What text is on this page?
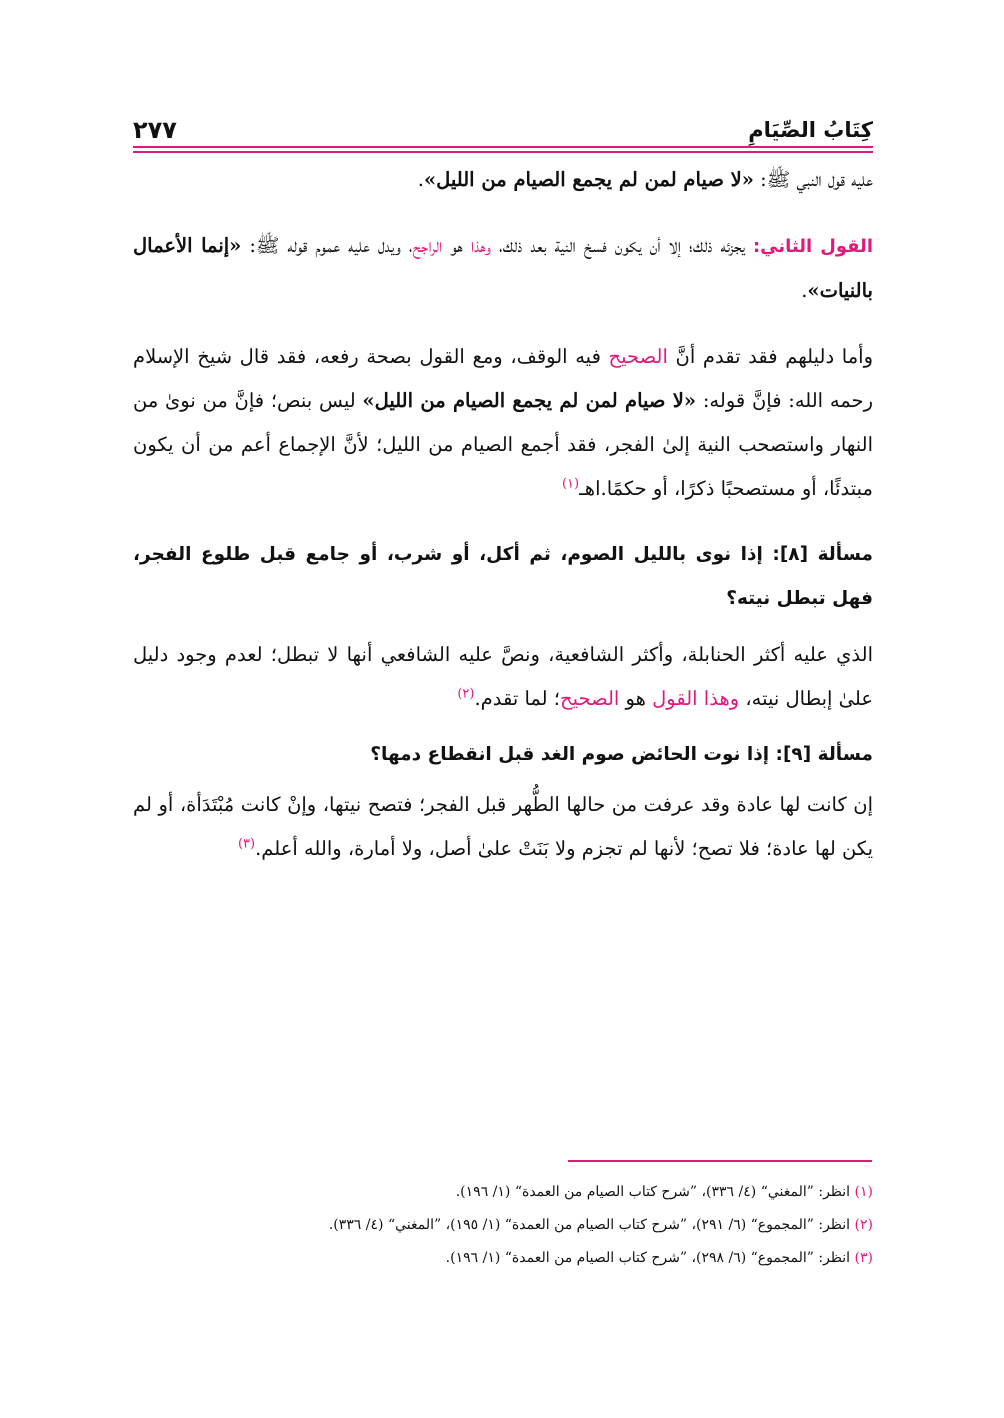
كِتَابُ الصِّيَامِ
٢٧٧

عليه قول النبي ﷺ: «لا صيام لمن لم يجمع الصيام من الليل».

القول الثاني: يجزئه ذلك؛ إلا أن يكون فسخ النية بعد ذلك، وهذا هو الراجح، ويدل عليه عموم قوله ﷺ: «إنما الأعمال بالنيات».

وأما دليلهم فقد تقدم أنَّ الصحيح فيه الوقف، ومع القول بصحة رفعه، فقد قال شيخ الإسلام رحمه الله: فإنَّ قوله: «لا صيام لمن لم يجمع الصيام من الليل» ليس بنص؛ فإنَّ من نوىٰ من النهار واستصحب النية إلىٰ الفجر، فقد أجمع الصيام من الليل؛ لأنَّ الإجماع أعم من أن يكون مبتدئًا، أو مستصحبًا ذكرًا، أو حكمًا.اهـ$^{(١)}$

مسألة [٨]: إذا نوى بالليل الصوم، ثم أكل، أو شرب، أو جامع قبل طلوع الفجر، فهل تبطل نيته؟

الذي عليه أكثر الحنابلة، وأكثر الشافعية، ونصَّ عليه الشافعي أنها لا تبطل؛ لعدم وجود دليل علىٰ إبطال نيته، وهذا القول هو الصحيح؛ لما تقدم.$^{(٢)}$

مسألة [٩]: إذا نوت الحائض صوم الغد قبل انقطاع دمها؟

إن كانت لها عادة وقد عرفت من حالها الطُّهر قبل الفجر؛ فتصح نيتها، وإنْ كانت مُبْتَدَأة، أو لم يكن لها عادة؛ فلا تصح؛ لأنها لم تجزم ولا بَنَتْ علىٰ أصل، ولا أمارة، والله أعلم.$^{(٣)}$

(١) انظر: ”المغني“ (٤/ ٣٣٦)، ”شرح كتاب الصيام من العمدة“ (١/ ١٩٦).

(٢) انظر: ”المجموع“ (٦/ ٢٩١)، ”شرح كتاب الصيام من العمدة“ (١/ ١٩٥)، ”المغني“ (٤/ ٣٣٦).

(٣) انظر: ”المجموع“ (٦/ ٢٩٨)، ”شرح كتاب الصيام من العمدة“ (١/ ١٩٦).
